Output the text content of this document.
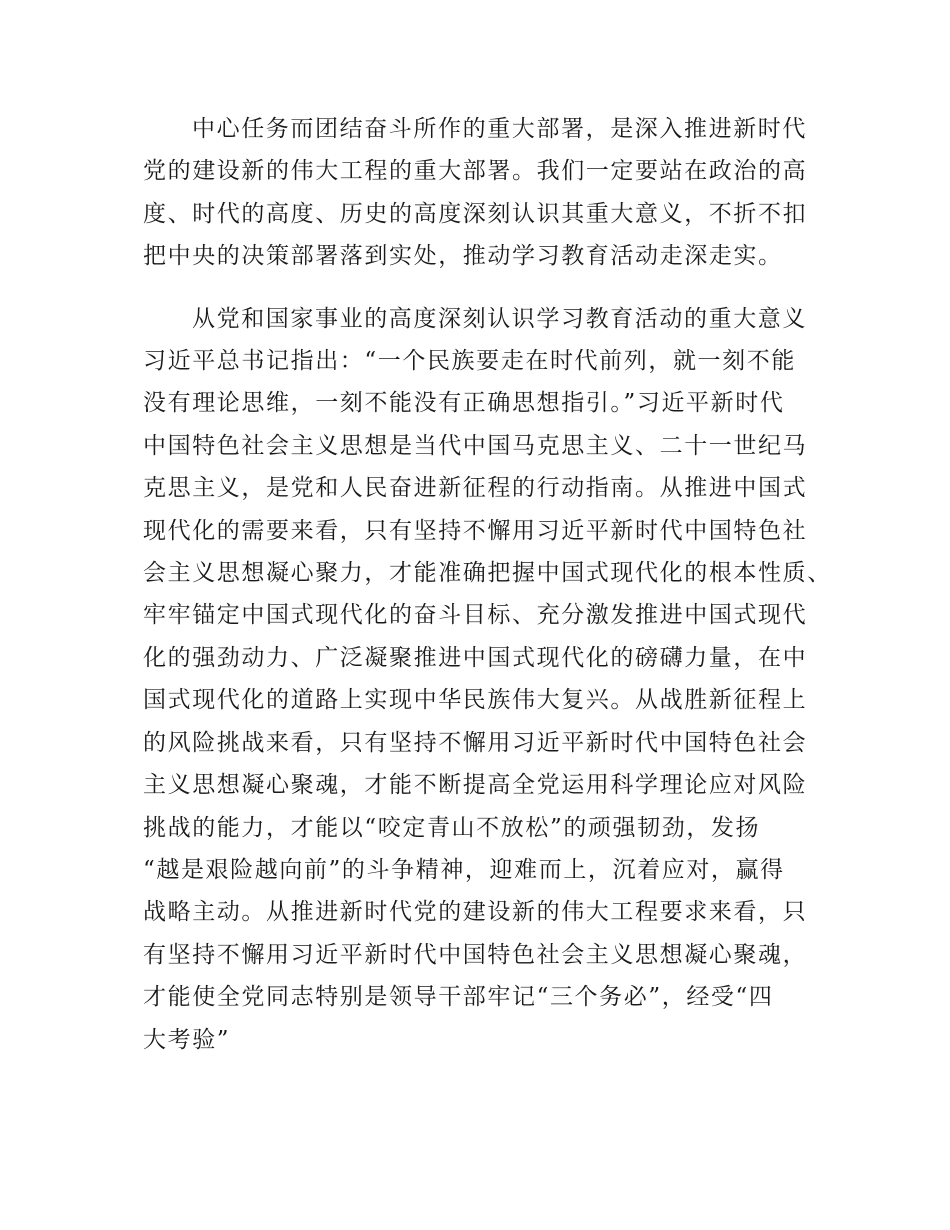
中心任务而团结奋斗所作的重大部署，是深入推进新时代
党的建设新的伟大工程的重大部署。我们一定要站在政治的高
度、时代的高度、历史的高度深刻认识其重大意义，不折不扣
把中央的决策部署落到实处，推动学习教育活动走深走实。

从党和国家事业的高度深刻认识学习教育活动的重大意义
习近平总书记指出：“一个民族要走在时代前列，就一刻不能
没有理论思维，一刻不能没有正确思想指引。”习近平新时代
中国特色社会主义思想是当代中国马克思主义、二十一世纪马
克思主义，是党和人民奋进新征程的行动指南。从推进中国式
现代化的需要来看，只有坚持不懈用习近平新时代中国特色社
会主义思想凝心聚力，才能准确把握中国式现代化的根本性质、
牢牢锚定中国式现代化的奋斗目标、充分激发推进中国式现代
化的强劲动力、广泛凝聚推进中国式现代化的磅礴力量，在中
国式现代化的道路上实现中华民族伟大复兴。从战胜新征程上
的风险挑战来看，只有坚持不懈用习近平新时代中国特色社会
主义思想凝心聚魂，才能不断提高全党运用科学理论应对风险
挑战的能力，才能以“咬定青山不放松”的顽强韧劲，发扬
“越是艰险越向前”的斗争精神，迎难而上，沉着应对，赢得
战略主动。从推进新时代党的建设新的伟大工程要求来看，只
有坚持不懈用习近平新时代中国特色社会主义思想凝心聚魂，
才能使全党同志特别是领导干部牢记“三个务必”，经受“四
大考验”
